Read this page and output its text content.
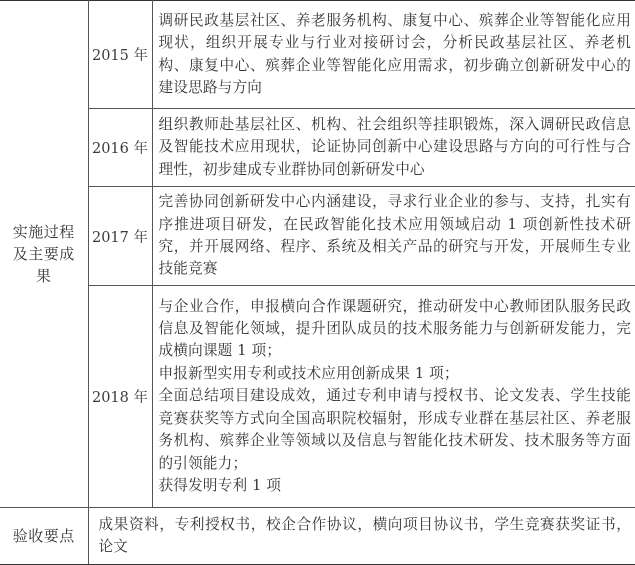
实施过程及主要成果	2015 年	调研民政基层社区、养老服务机构、康复中心、殡葬企业等智能化应用现状，组织开展专业与行业对接研讨会，分析民政基层社区、养老机构、康复中心、殡葬企业等智能化应用需求，初步确立创新研发中心的建设思路与方向
	2016 年	组织教师赴基层社区、机构、社会组织等挂职锻炼，深入调研民政信息及智能技术应用现状，论证协同创新中心建设思路与方向的可行性与合理性，初步建成专业群协同创新研发中心
	2017 年	完善协同创新研发中心内涵建设，寻求行业企业的参与、支持，扎实有序推进项目研发，在民政智能化技术应用领域启动 1 项创新性技术研究，并开展网络、程序、系统及相关产品的研究与开发，开展师生专业技能竞赛
	2018 年	与企业合作，申报横向合作课题研究，推动研发中心教师团队服务民政信息及智能化领域，提升团队成员的技术服务能力与创新研发能力，完成横向课题 1 项；

申报新型实用专利或技术应用创新成果 1 项；

全面总结项目建设成效，通过专利申请与授权书、论文发表、学生技能竞赛获奖等方式向全国高职院校辐射，形成专业群在基层社区、养老服务机构、殡葬企业等领域以及信息与智能化技术研发、技术服务等方面的引领能力；

获得发明专利 1 项

验收要点	成果资料，专利授权书，校企合作协议，横向项目协议书，学生竞赛获奖证书，论文	
